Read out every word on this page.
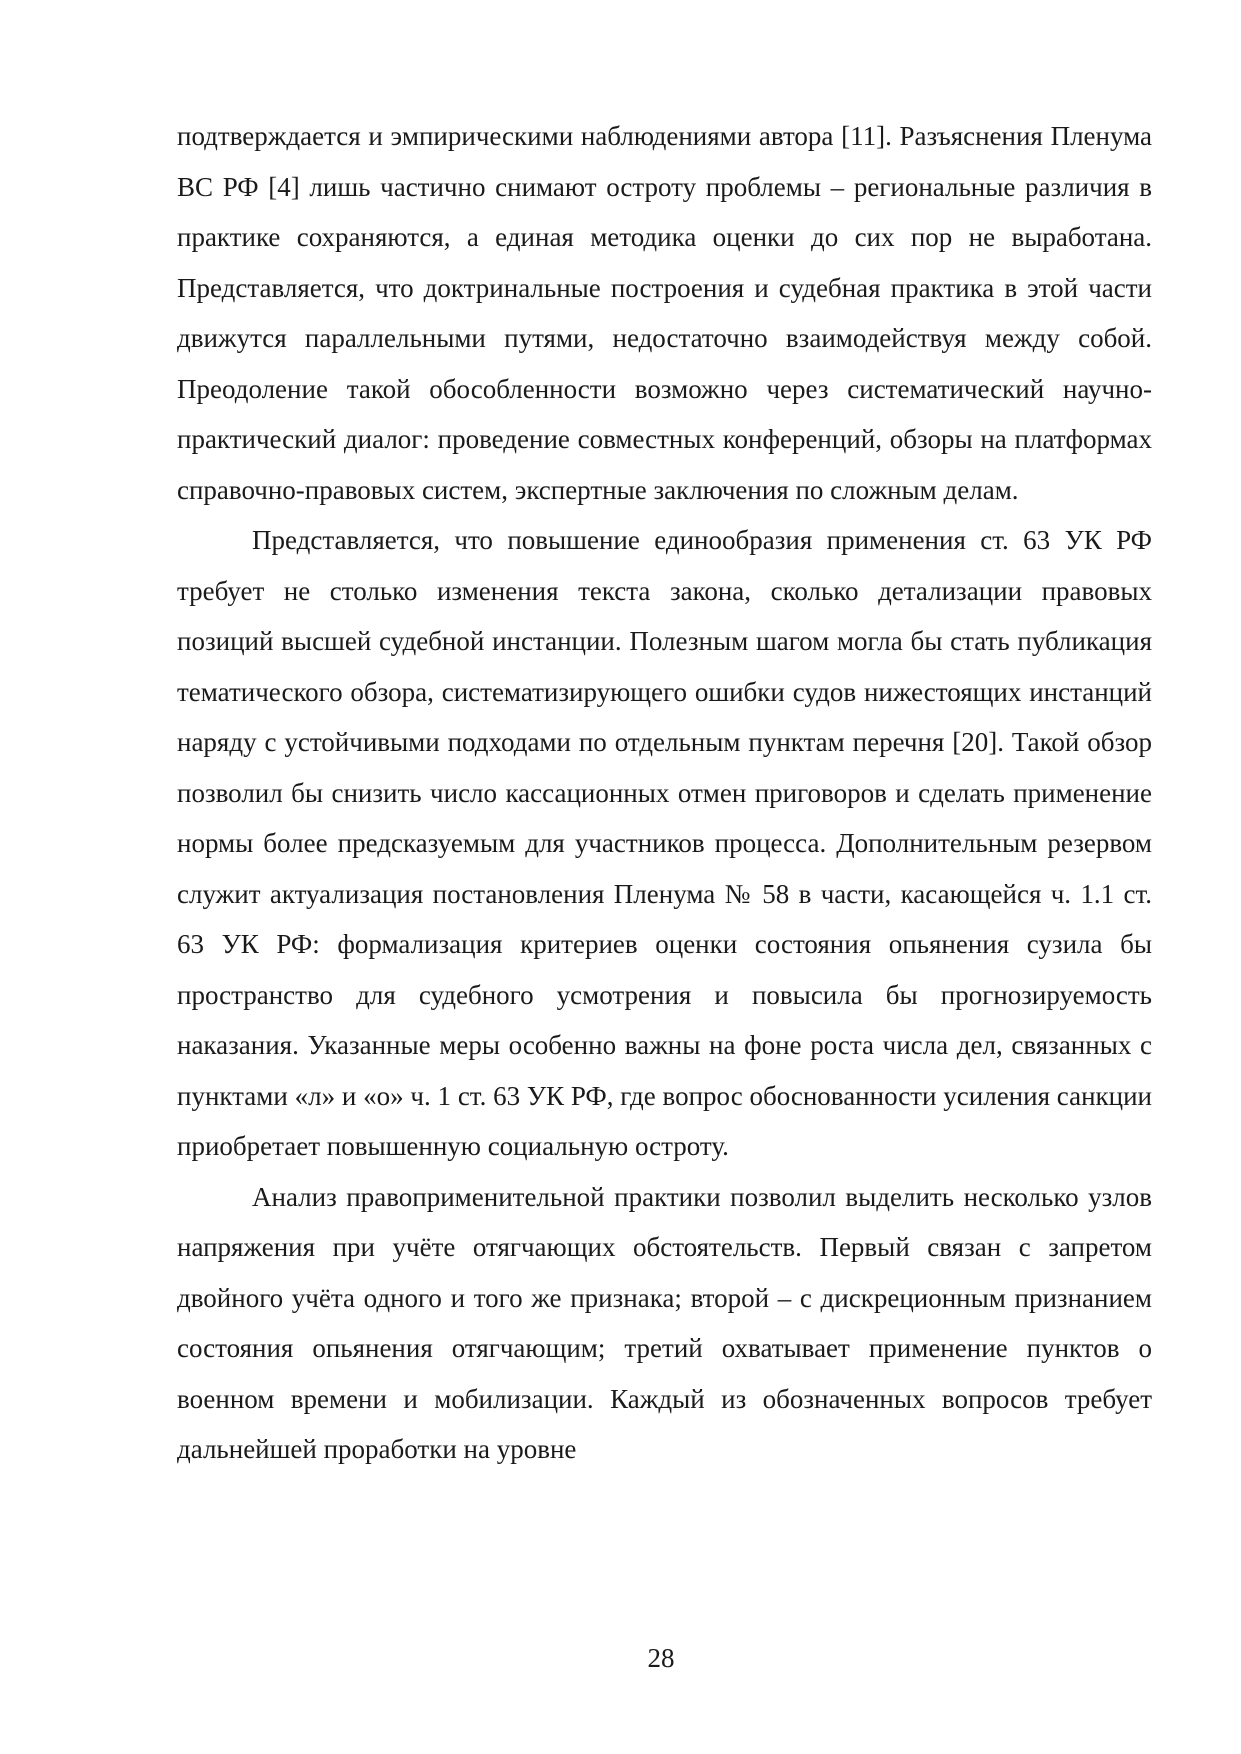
подтверждается и эмпирическими наблюдениями автора [11]. Разъяснения Пленума ВС РФ [4] лишь частично снимают остроту проблемы – региональные различия в практике сохраняются, а единая методика оценки до сих пор не выработана. Представляется, что доктринальные построения и судебная практика в этой части движутся параллельными путями, недостаточно взаимодействуя между собой. Преодоление такой обособленности возможно через систематический научно-практический диалог: проведение совместных конференций, обзоры на платформах справочно-правовых систем, экспертные заключения по сложным делам.

Представляется, что повышение единообразия применения ст. 63 УК РФ требует не столько изменения текста закона, сколько детализации правовых позиций высшей судебной инстанции. Полезным шагом могла бы стать публикация тематического обзора, систематизирующего ошибки судов нижестоящих инстанций наряду с устойчивыми подходами по отдельным пунктам перечня [20]. Такой обзор позволил бы снизить число кассационных отмен приговоров и сделать применение нормы более предсказуемым для участников процесса. Дополнительным резервом служит актуализация постановления Пленума № 58 в части, касающейся ч. 1.1 ст. 63 УК РФ: формализация критериев оценки состояния опьянения сузила бы пространство для судебного усмотрения и повысила бы прогнозируемость наказания. Указанные меры особенно важны на фоне роста числа дел, связанных с пунктами «л» и «о» ч. 1 ст. 63 УК РФ, где вопрос обоснованности усиления санкции приобретает повышенную социальную остроту.

Анализ правоприменительной практики позволил выделить несколько узлов напряжения при учёте отягчающих обстоятельств. Первый связан с запретом двойного учёта одного и того же признака; второй – с дискреционным признанием состояния опьянения отягчающим; третий охватывает применение пунктов о военном времени и мобилизации. Каждый из обозначенных вопросов требует дальнейшей проработки на уровне

28
